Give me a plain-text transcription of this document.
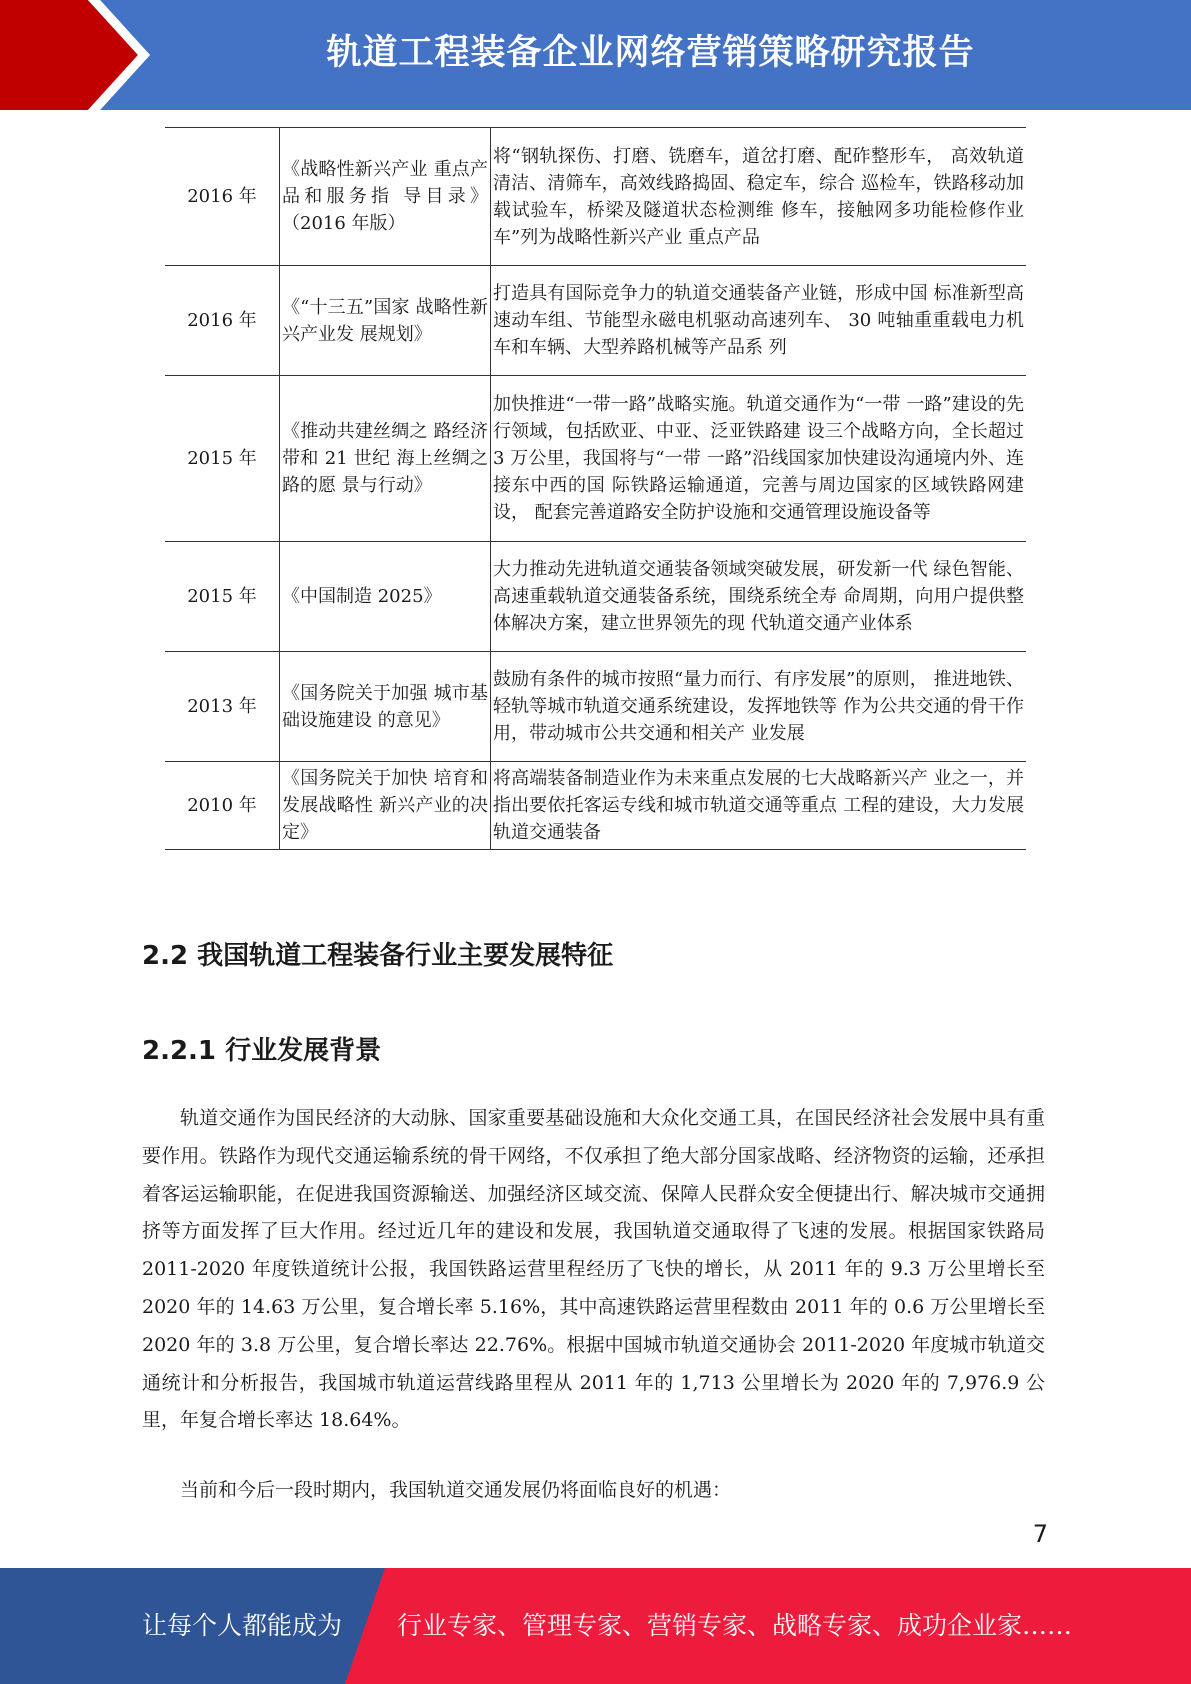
轨道工程装备企业网络营销策略研究报告
2016 年	《战略性新兴产业 重点产品和服务指 导目录》（2016 年版）	将“钢轨探伤、打磨、铣磨车，道岔打磨、配砟整形车， 高效轨道清洁、清筛车，高效线路捣固、稳定车，综合 巡检车，铁路移动加载试验车，桥梁及隧道状态检测维 修车，接触网多功能检修作业车”列为战略性新兴产业 重点产品
2016 年	《“十三五”国家 战略性新兴产业发 展规划》	打造具有国际竞争力的轨道交通装备产业链，形成中国 标准新型高速动车组、节能型永磁电机驱动高速列车、 30 吨轴重重载电力机车和车辆、大型养路机械等产品系 列
2015 年	《推动共建丝绸之 路经济带和 21 世纪 海上丝绸之路的愿 景与行动》	加快推进“一带一路”战略实施。轨道交通作为“一带 一路”建设的先行领域，包括欧亚、中亚、泛亚铁路建 设三个战略方向，全长超过 3 万公里，我国将与“一带 一路”沿线国家加快建设沟通境内外、连接东中西的国 际铁路运输通道，完善与周边国家的区域铁路网建设， 配套完善道路安全防护设施和交通管理设施设备等
2015 年	《中国制造 2025》	大力推动先进轨道交通装备领域突破发展，研发新一代 绿色智能、高速重载轨道交通装备系统，围绕系统全寿 命周期，向用户提供整体解决方案，建立世界领先的现 代轨道交通产业体系
2013 年	《国务院关于加强 城市基础设施建设 的意见》	鼓励有条件的城市按照“量力而行、有序发展”的原则， 推进地铁、轻轨等城市轨道交通系统建设，发挥地铁等 作为公共交通的骨干作用，带动城市公共交通和相关产 业发展
2010 年	《国务院关于加快 培育和发展战略性 新兴产业的决定》	将高端装备制造业作为未来重点发展的七大战略新兴产 业之一，并指出要依托客运专线和城市轨道交通等重点 工程的建设，大力发展轨道交通装备
2.2 我国轨道工程装备行业主要发展特征
2.2.1 行业发展背景

轨道交通作为国民经济的大动脉、国家重要基础设施和大众化交通工具，在国民经济社会发展中具有重要作用。铁路作为现代交通运输系统的骨干网络，不仅承担了绝大部分国家战略、经济物资的运输，还承担着客运运输职能，在促进我国资源输送、加强经济区域交流、保障人民群众安全便捷出行、解决城市交通拥挤等方面发挥了巨大作用。经过近几年的建设和发展，我国轨道交通取得了飞速的发展。根据国家铁路局 2011-2020 年度铁道统计公报，我国铁路运营里程经历了飞快的增长，从 2011 年的 9.3 万公里增长至 2020 年的 14.63 万公里，复合增长率 5.16%，其中高速铁路运营里程数由 2011 年的 0.6 万公里增长至 2020 年的 3.8 万公里，复合增长率达 22.76%。根据中国城市轨道交通协会 2011-2020 年度城市轨道交通统计和分析报告，我国城市轨道运营线路里程从 2011 年的 1,713 公里增长为 2020 年的 7,976.9 公里，年复合增长率达 18.64%。

当前和今后一段时期内，我国轨道交通发展仍将面临良好的机遇：

7
让每个人都能成为 行业专家、管理专家、营销专家、战略专家、成功企业家……
